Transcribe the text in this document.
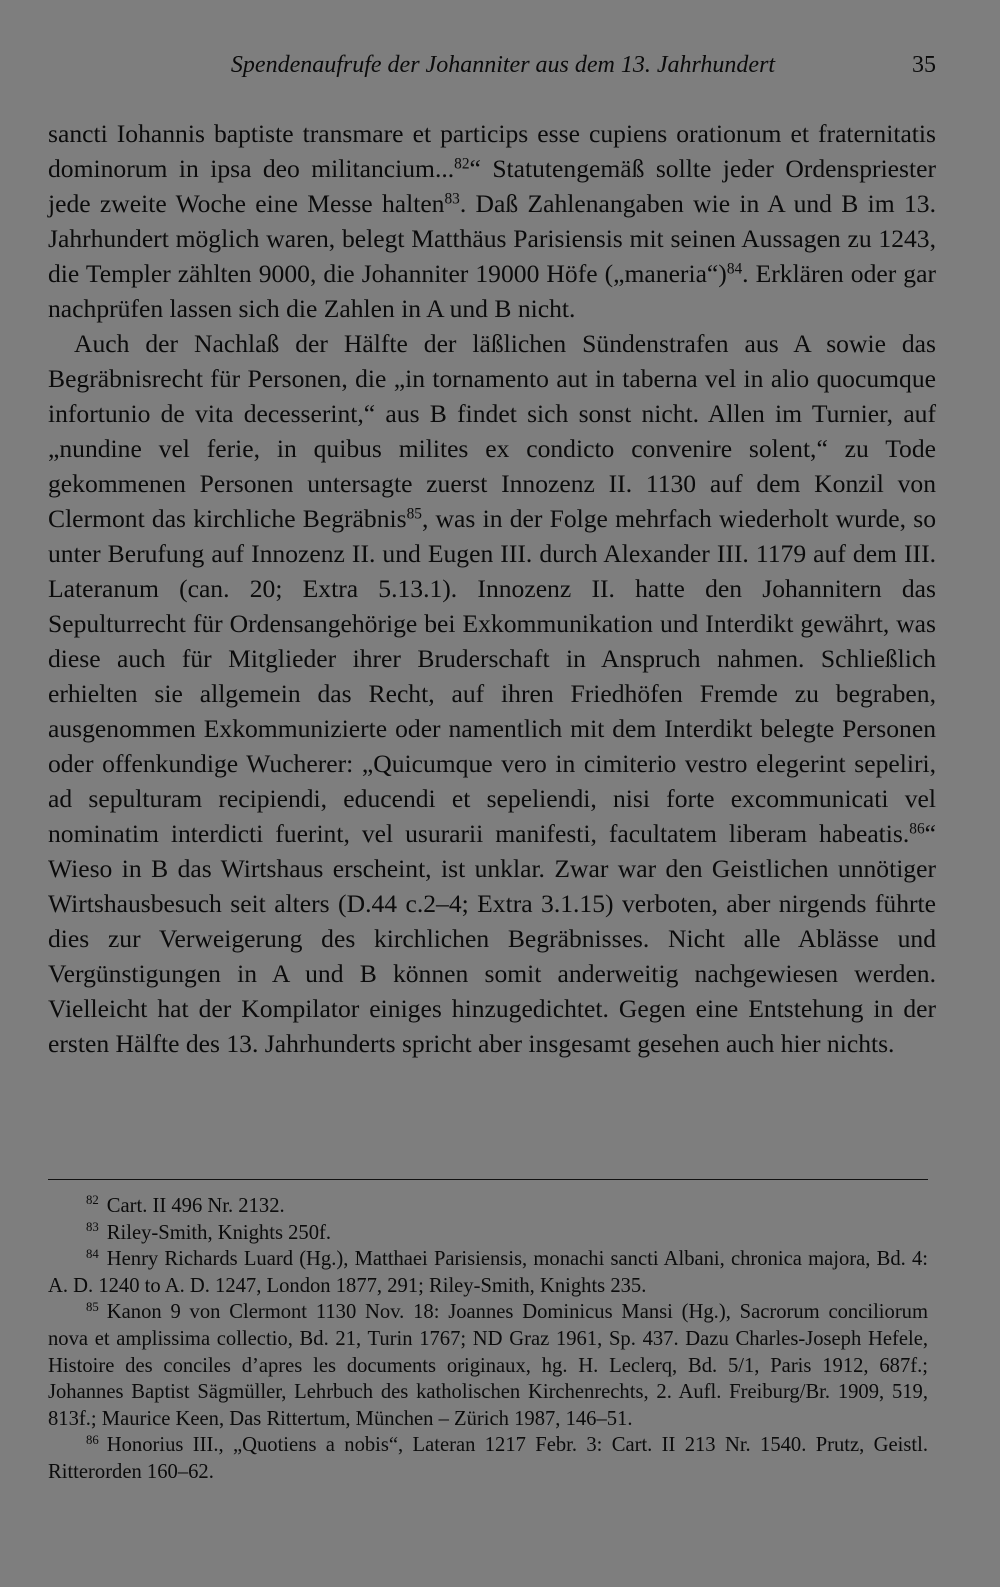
Spendenaufrufe der Johanniter aus dem 13. Jahrhundert	35

sancti Iohannis baptiste transmare et particips esse cupiens orationum et fraternitatis dominorum in ipsa deo militancium...$^{82}$“ Statutengemäß sollte jeder Ordenspriester jede zweite Woche eine Messe halten$^{83}$. Daß Zahlenangaben wie in A und B im 13. Jahrhundert möglich waren, belegt Matthäus Parisiensis mit seinen Aussagen zu 1243, die Templer zählten 9000, die Johanniter 19000 Höfe („maneria“)$^{84}$. Erklären oder gar nachprüfen lassen sich die Zahlen in A und B nicht.

Auch der Nachlaß der Hälfte der läßlichen Sündenstrafen aus A sowie das Begräbnisrecht für Personen, die „in tornamento aut in taberna vel in alio quocumque infortunio de vita decesserint,“ aus B findet sich sonst nicht. Allen im Turnier, auf „nundine vel ferie, in quibus milites ex condicto convenire solent,“ zu Tode gekommenen Personen untersagte zuerst Innozenz II. 1130 auf dem Konzil von Clermont das kirchliche Begräbnis$^{85}$, was in der Folge mehrfach wiederholt wurde, so unter Berufung auf Innozenz II. und Eugen III. durch Alexander III. 1179 auf dem III. Lateranum (can. 20; Extra 5.13.1). Innozenz II. hatte den Johannitern das Sepulturrecht für Ordensangehörige bei Exkommunikation und Interdikt gewährt, was diese auch für Mitglieder ihrer Bruderschaft in Anspruch nahmen. Schließlich erhielten sie allgemein das Recht, auf ihren Friedhöfen Fremde zu begraben, ausgenommen Exkommunizierte oder namentlich mit dem Interdikt belegte Personen oder offenkundige Wucherer: „Quicumque vero in cimiterio vestro elegerint sepeliri, ad sepulturam recipiendi, educendi et sepeliendi, nisi forte excommunicati vel nominatim interdicti fuerint, vel usurarii manifesti, facultatem liberam habeatis.$^{86}$“ Wieso in B das Wirtshaus erscheint, ist unklar. Zwar war den Geistlichen unnötiger Wirtshausbesuch seit alters (D.44 c.2–4; Extra 3.1.15) verboten, aber nirgends führte dies zur Verweigerung des kirchlichen Begräbnisses. Nicht alle Ablässe und Vergünstigungen in A und B können somit anderweitig nachgewiesen werden. Vielleicht hat der Kompilator einiges hinzugedichtet. Gegen eine Entstehung in der ersten Hälfte des 13. Jahrhunderts spricht aber insgesamt gesehen auch hier nichts.

$^{82}$ Cart. II 496 Nr. 2132.

$^{83}$ Riley-Smith, Knights 250f.

$^{84}$ Henry Richards Luard (Hg.), Matthaei Parisiensis, monachi sancti Albani, chronica majora, Bd. 4: A. D. 1240 to A. D. 1247, London 1877, 291; Riley-Smith, Knights 235.

$^{85}$ Kanon 9 von Clermont 1130 Nov. 18: Joannes Dominicus Mansi (Hg.), Sacrorum conciliorum nova et amplissima collectio, Bd. 21, Turin 1767; ND Graz 1961, Sp. 437. Dazu Charles-Joseph Hefele, Histoire des conciles d’apres les documents originaux, hg. H. Leclerq, Bd. 5/1, Paris 1912, 687f.; Johannes Baptist Sägmüller, Lehrbuch des katholischen Kirchenrechts, 2. Aufl. Freiburg/Br. 1909, 519, 813f.; Maurice Keen, Das Rittertum, München – Zürich 1987, 146–51.

$^{86}$ Honorius III., „Quotiens a nobis“, Lateran 1217 Febr. 3: Cart. II 213 Nr. 1540. Prutz, Geistl. Ritterorden 160–62.
